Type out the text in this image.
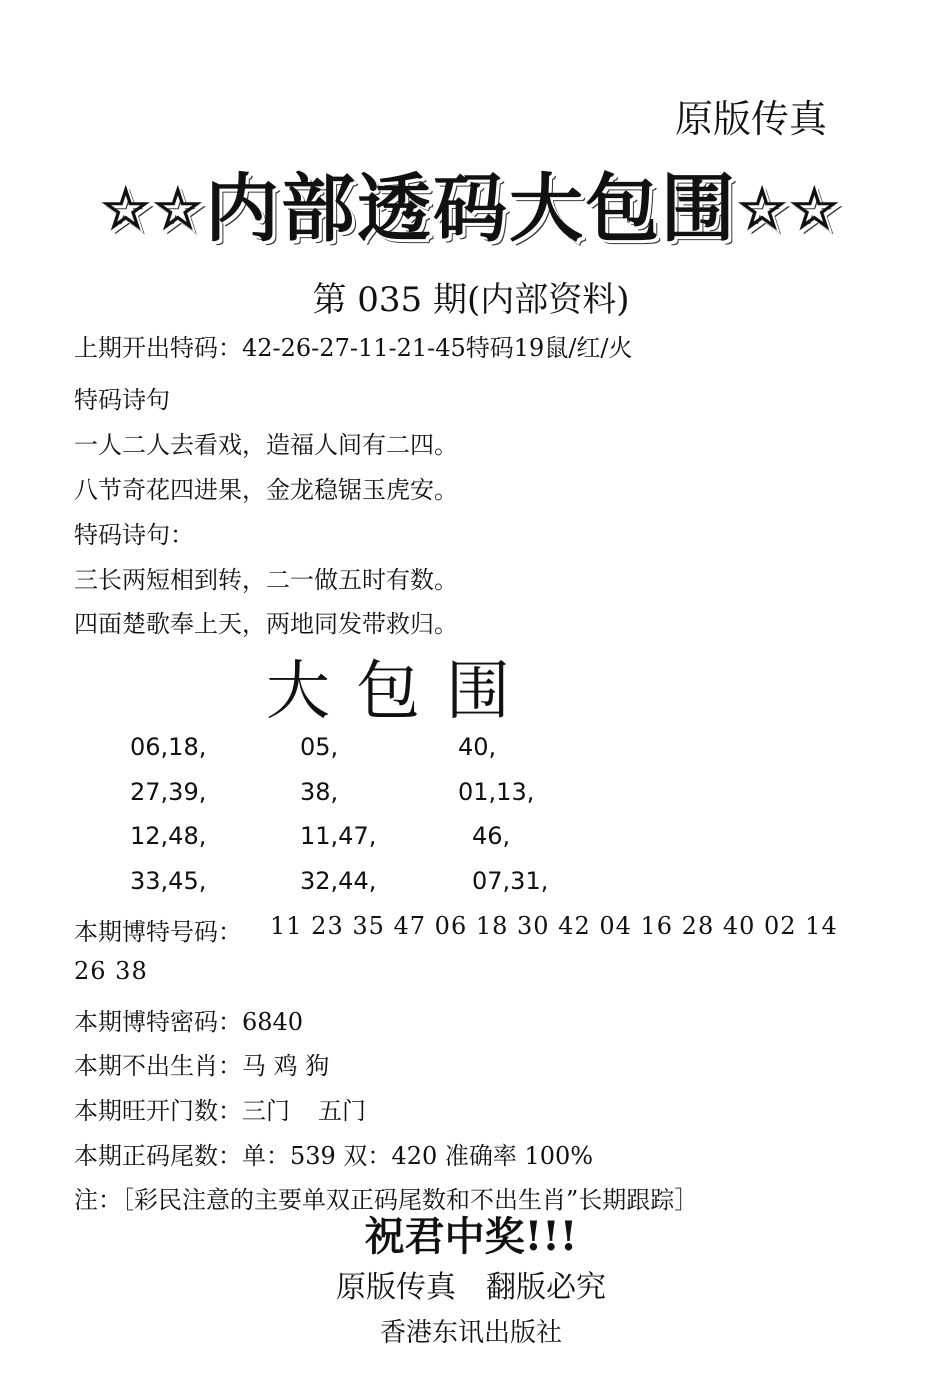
原版传真
☆☆内部透码大包围☆☆
第 035 期(内部资料)
上期开出特码：42-26-27-11-21-45特码19鼠/红/火
特码诗句
一人二人去看戏，造福人间有二四。
八节奇花四进果，金龙稳锯玉虎安。
特码诗句：
三长两短相到转，二一做五时有数。
四面楚歌奉上天，两地同发带救归。
大包围
06,18,	05,	40,
27,39,	38,	01,13,
12,48,	11,47,	46,
33,45,	32,44,	07,31,
本期博特号码： 11 23 35 47 06 18 30 42 04 16 28 40 02 14
26 38
本期博特密码：6840
本期不出生肖：马 鸡 狗
本期旺开门数：三门 五门
本期正码尾数：单：539 双：420 准确率 100%
注：［彩民注意的主要单双正码尾数和不出生肖”长期跟踪］
祝君中奖!!!
原版传真　翻版必究
香港东讯出版社
